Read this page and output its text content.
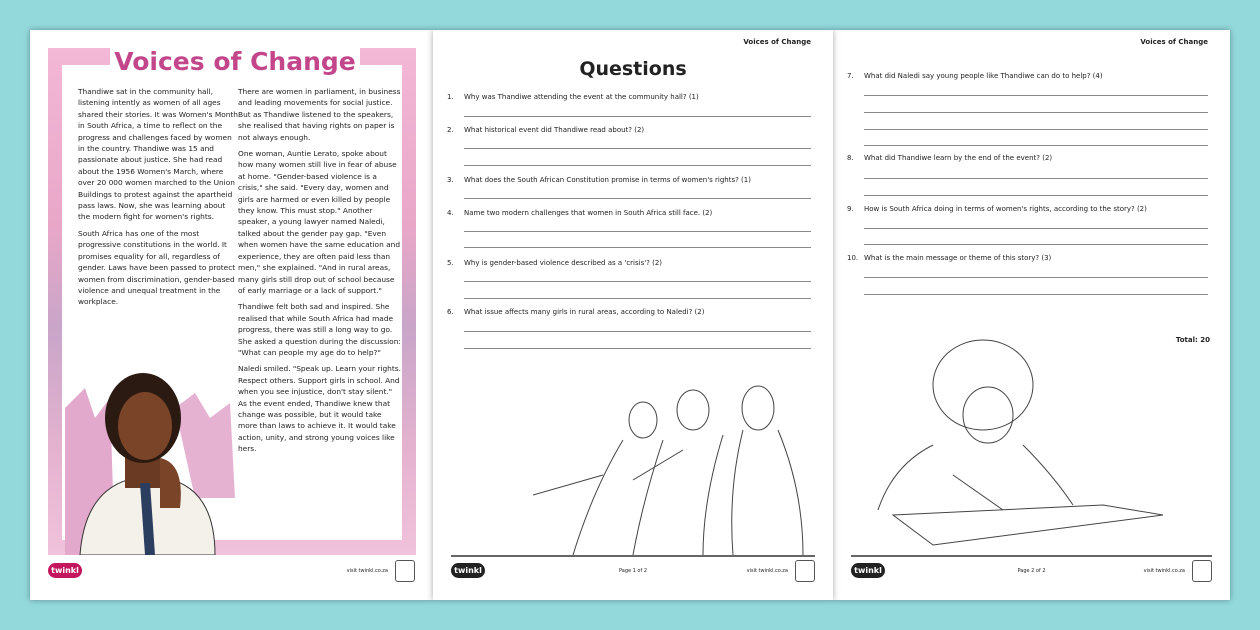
Voices of Change

Thandiwe sat in the community hall, listening intently as women of all ages shared their stories. It was Women's Month in South Africa, a time to reflect on the progress and challenges faced by women in the country. Thandiwe was 15 and passionate about justice. She had read about the 1956 Women's March, where over 20 000 women marched to the Union Buildings to protest against the apartheid pass laws. Now, she was learning about the modern fight for women's rights.

South Africa has one of the most progressive constitutions in the world. It promises equality for all, regardless of gender. Laws have been passed to protect women from discrimination, gender-based violence and unequal treatment in the workplace.

There are women in parliament, in business and leading movements for social justice. But as Thandiwe listened to the speakers, she realised that having rights on paper is not always enough.

One woman, Auntie Lerato, spoke about how many women still live in fear of abuse at home. "Gender-based violence is a crisis," she said. "Every day, women and girls are harmed or even killed by people they know. This must stop." Another speaker, a young lawyer named Naledi, talked about the gender pay gap. "Even when women have the same education and experience, they are often paid less than men," she explained. "And in rural areas, many girls still drop out of school because of early marriage or a lack of support."

Thandiwe felt both sad and inspired. She realised that while South Africa had made progress, there was still a long way to go. She asked a question during the discussion: "What can people my age do to help?"

Naledi smiled. "Speak up. Learn your rights. Respect others. Support girls in school. And when you see injustice, don't stay silent." As the event ended, Thandiwe knew that change was possible, but it would take more than laws to achieve it. It would take action, unity, and strong young voices like hers.

twinkl	visit twinkl.co.za
Voices of Change
Questions
1. Why was Thandiwe attending the event at the community hall? (1)
2. What historical event did Thandiwe read about? (2)
3. What does the South African Constitution promise in terms of women's rights? (1)
4. Name two modern challenges that women in South Africa still face. (2)
5. Why is gender-based violence described as a 'crisis'? (2)
6. What issue affects many girls in rural areas, according to Naledi? (2)
twinkl	Page 1 of 2	visit twinkl.co.za
Voices of Change
7. What did Naledi say young people like Thandiwe can do to help? (4)
8. What did Thandiwe learn by the end of the event? (2)
9. How is South Africa doing in terms of women's rights, according to the story? (2)
10. What is the main message or theme of this story? (3)
Total: 20
twinkl	Page 2 of 2	visit twinkl.co.za
